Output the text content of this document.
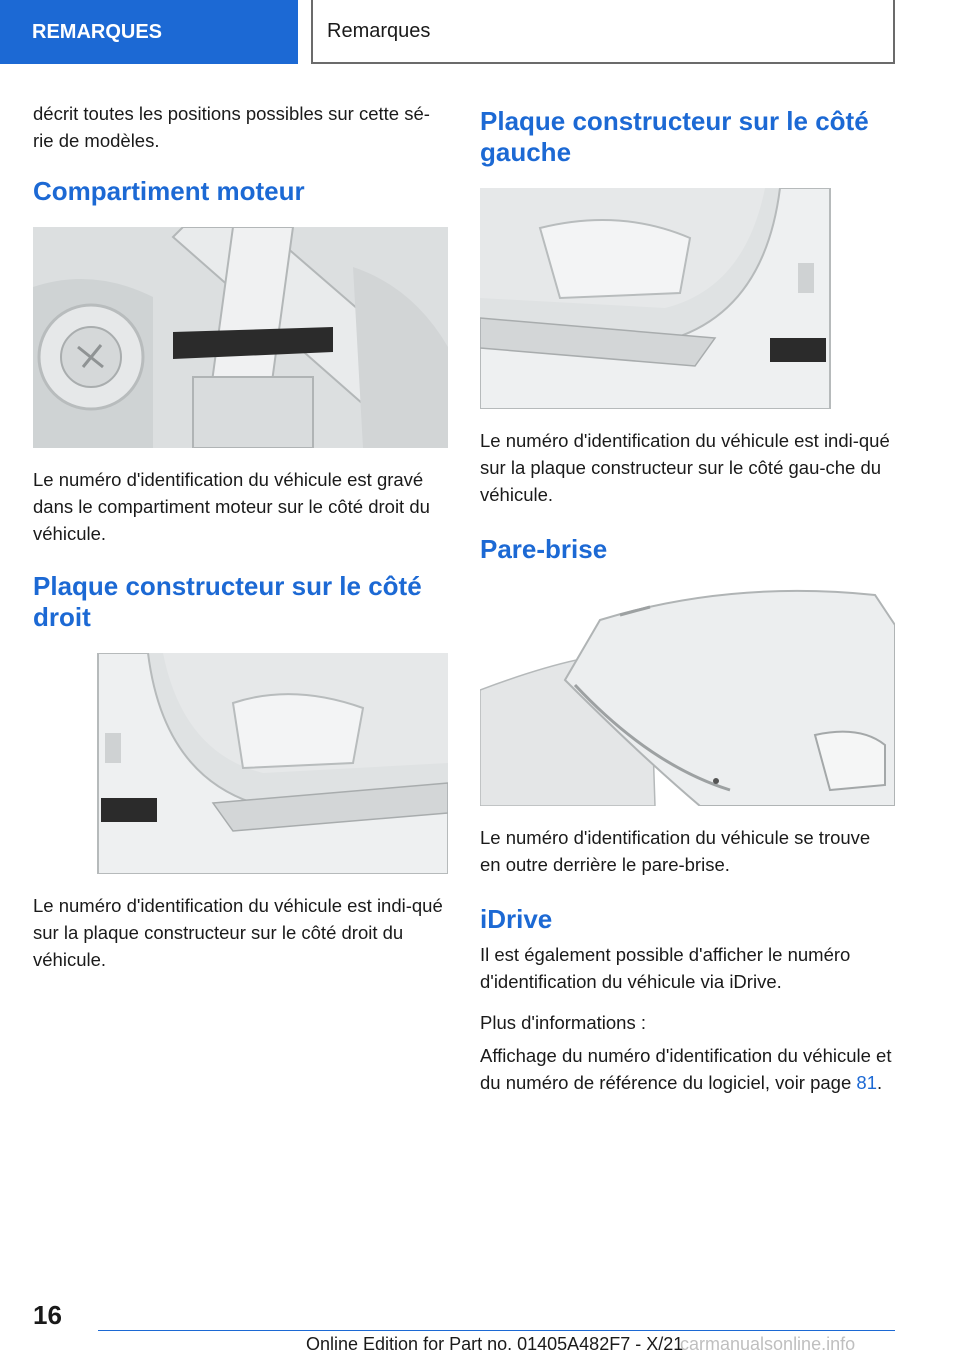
REMARQUES	Remarques

décrit toutes les positions possibles sur cette sé-rie de modèles.

Compartiment moteur

Le numéro d'identification du véhicule est gravé dans le compartiment moteur sur le côté droit du véhicule.

Plaque constructeur sur le côté droit

Le numéro d'identification du véhicule est indi-qué sur la plaque constructeur sur le côté droit du véhicule.

Plaque constructeur sur le côté gauche

Le numéro d'identification du véhicule est indi-qué sur la plaque constructeur sur le côté gau-che du véhicule.

Pare-brise

Le numéro d'identification du véhicule se trouve en outre derrière le pare-brise.

iDrive

Il est également possible d'afficher le numéro d'identification du véhicule via iDrive.

Plus d'informations :

Affichage du numéro d'identification du véhicule et du numéro de référence du logiciel, voir page 81.

16
Online Edition for Part no. 01405A482F7 - X/21
carmanualsonline.info
